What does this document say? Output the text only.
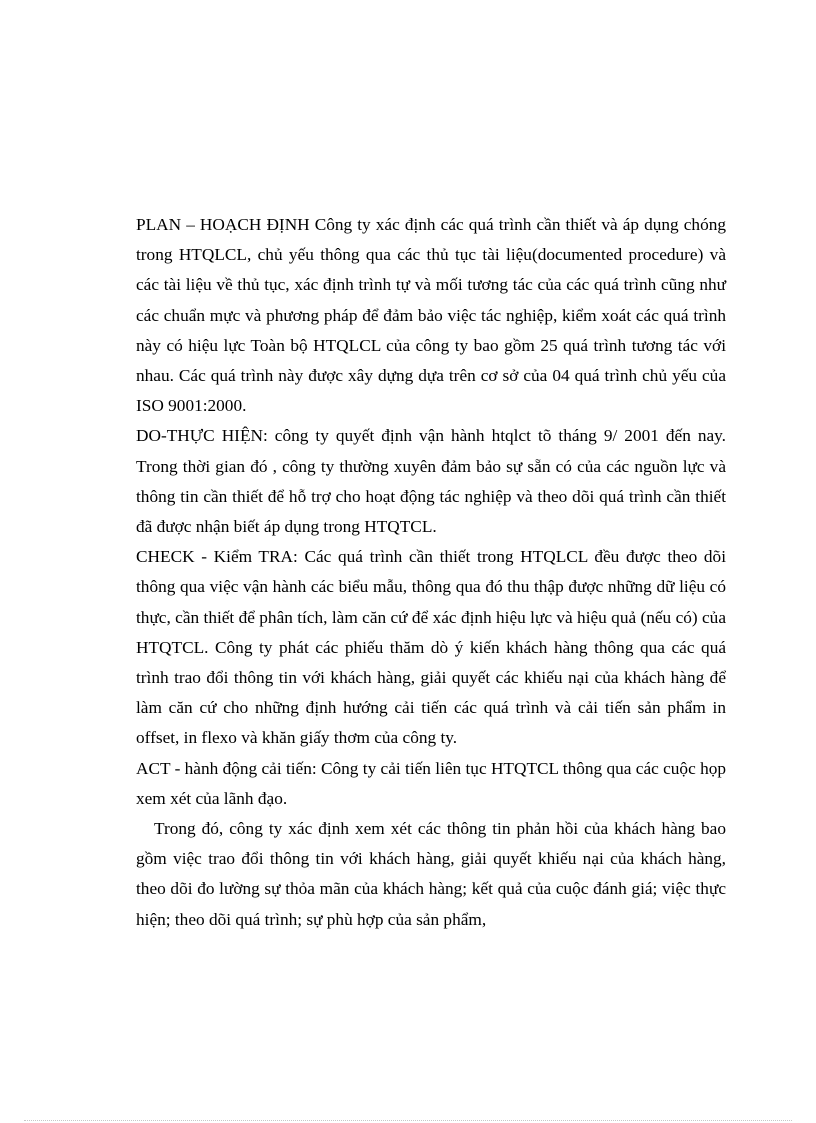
PLAN – HOẠCH ĐỊNH Công ty xác định các quá trình cần thiết và áp dụng chóng trong HTQLCL, chủ yếu thông qua các thủ tục tài liệu(documented procedure) và các tài liệu về thủ tục, xác định trình tự và mối tương tác của các quá trình cũng như các chuẩn mực và phương pháp để đảm bảo việc tác nghiệp, kiểm xoát các quá trình này có hiệu lực Toàn bộ HTQLCL của công ty bao gồm 25 quá trình tương tác với nhau. Các quá trình này được xây dựng dựa trên cơ sở của 04 quá trình chủ yếu của ISO 9001:2000.

DO-THỰC HIỆN: công ty quyết định vận hành htqlct tõ tháng 9/ 2001 đến nay. Trong thời gian đó , công ty thường xuyên đảm bảo sự sẵn có của các nguồn lực và thông tin cần thiết để hỗ trợ cho hoạt động tác nghiệp và theo dõi quá trình cần thiết đã được nhận biết áp dụng trong HTQTCL.

CHECK - Kiểm TRA: Các quá trình cần thiết trong HTQLCL đều được theo dõi thông qua việc vận hành các biểu mẫu, thông qua đó thu thập được những dữ liệu có thực, cần thiết để phân tích, làm căn cứ để xác định hiệu lực và hiệu quả (nếu có) của HTQTCL. Công ty phát các phiếu thăm dò ý kiến khách hàng thông qua các quá trình trao đổi thông tin với khách hàng, giải quyết các khiếu nại của khách hàng để làm căn cứ cho những định hướng cải tiến các quá trình và cải tiến sản phẩm in offset, in flexo và khăn giấy thơm của công ty.

ACT - hành động cải tiến: Công ty cải tiến liên tục HTQTCL thông qua các cuộc họp xem xét của lãnh đạo.

Trong đó, công ty xác định xem xét các thông tin phản hồi của khách hàng bao gồm việc trao đổi thông tin với khách hàng, giải quyết khiếu nại của khách hàng, theo dõi đo lường sự thỏa mãn của khách hàng; kết quả của cuộc đánh giá; việc thực hiện; theo dõi quá trình; sự phù hợp của sản phẩm,
